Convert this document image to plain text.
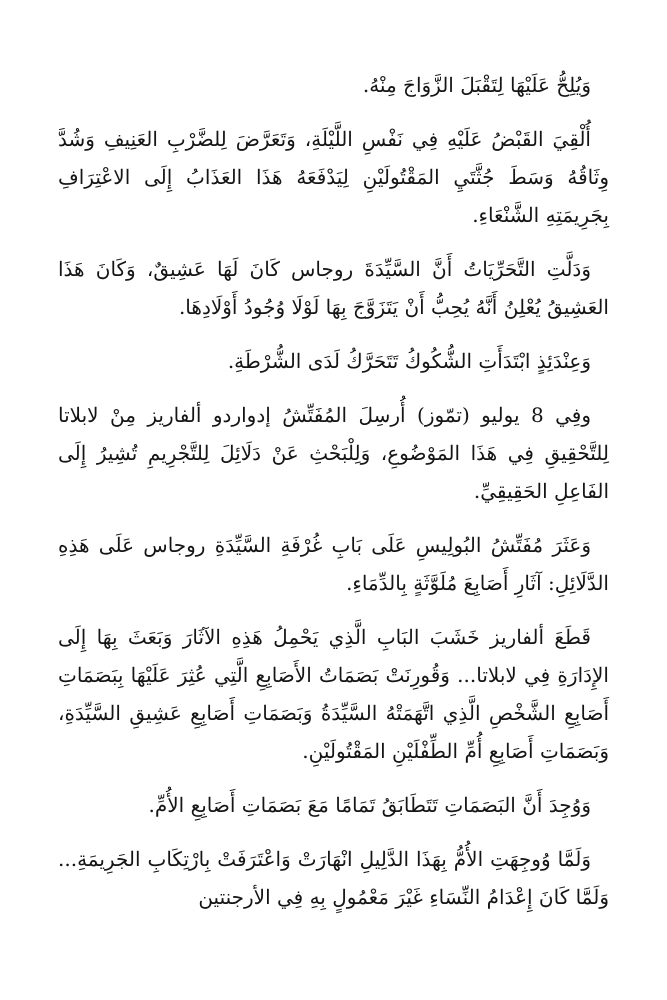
وَيُلِحُّ عَلَيْهَا لِتَقْبَلَ الزَّوَاجَ مِنْهُ.

أُلْقِيَ القَبْضُ عَلَيْهِ فِي نَفْسِ اللَّيْلَةِ، وَتَعَرَّضَ لِلضَّرْبِ العَنِيفِ وَشُدَّ وِثَاقُهُ وَسَطَ جُثَّتَيِ المَقْتُولَيْنِ لِيَدْفَعَهُ هَذَا العَذَابُ إِلَى الاعْتِرَافِ بِجَرِيمَتِهِ الشَّنْعَاءِ.

وَدَلَّتِ التَّحَرِّيَاتُ أَنَّ السَّيِّدَةَ روجاس كَانَ لَهَا عَشِيقٌ، وَكَانَ هَذَا العَشِيقُ يُعْلِنُ أَنَّهُ يُحِبُّ أَنْ يَتَزَوَّجَ بِهَا لَوْلَا وُجُودُ أَوْلَادِهَا.

وَعِنْدَئِذٍ ابْتَدَأَتِ الشُّكُوكُ تَتَحَرَّكُ لَدَى الشُّرْطَةِ.

وفِي 8 يوليو (تمّوز) أُرسِلَ المُفَتِّشُ إدواردو ألفاريز مِنْ لابلاتا لِلتَّحْقِيقِ فِي هَذَا المَوْضُوعِ، وَلِلْبَحْثِ عَنْ دَلَائِلَ لِلتَّجْرِيمِ تُشِيرُ إِلَى الفَاعِلِ الحَقِيقِيِّ.

وَعَثَرَ مُفَتِّشُ البُولِيسِ عَلَى بَابِ غُرْفَةِ السَّيِّدَةِ روجاس عَلَى هَذِهِ الدَّلَائِلِ: آثَارِ أَصَابِعَ مُلَوَّثَةٍ بِالدِّمَاءِ.

قَطَعَ ألفاريز خَشَبَ البَابِ الَّذِي يَحْمِلُ هَذِهِ الآثَارَ وَبَعَثَ بِهَا إِلَى الإِدَارَةِ فِي لابلاتا... وَقُورِنَتْ بَصَمَاتُ الأَصَابِعِ الَّتِي عُثِرَ عَلَيْهَا بِبَصَمَاتِ أَصَابِعِ الشَّخْصِ الَّذِي اتَّهَمَتْهُ السَّيِّدَةُ وَبَصَمَاتِ أَصَابِعِ عَشِيقِ السَّيِّدَةِ، وَبَصَمَاتِ أَصَابِعِ أُمِّ الطِّفْلَيْنِ المَقْتُولَيْنِ.

وَوُجِدَ أَنَّ البَصَمَاتِ تَتَطَابَقُ تَمَامًا مَعَ بَصَمَاتِ أَصَابِعِ الأُمِّ.

وَلَمَّا وُوجِهَتِ الأُمُّ بِهَذَا الدَّلِيلِ انْهَارَتْ وَاعْتَرَفَتْ بِارْتِكَابِ الجَرِيمَةِ... وَلَمَّا كَانَ إِعْدَامُ النِّسَاءِ غَيْرَ مَعْمُولٍ بِهِ فِي الأرجنتين
